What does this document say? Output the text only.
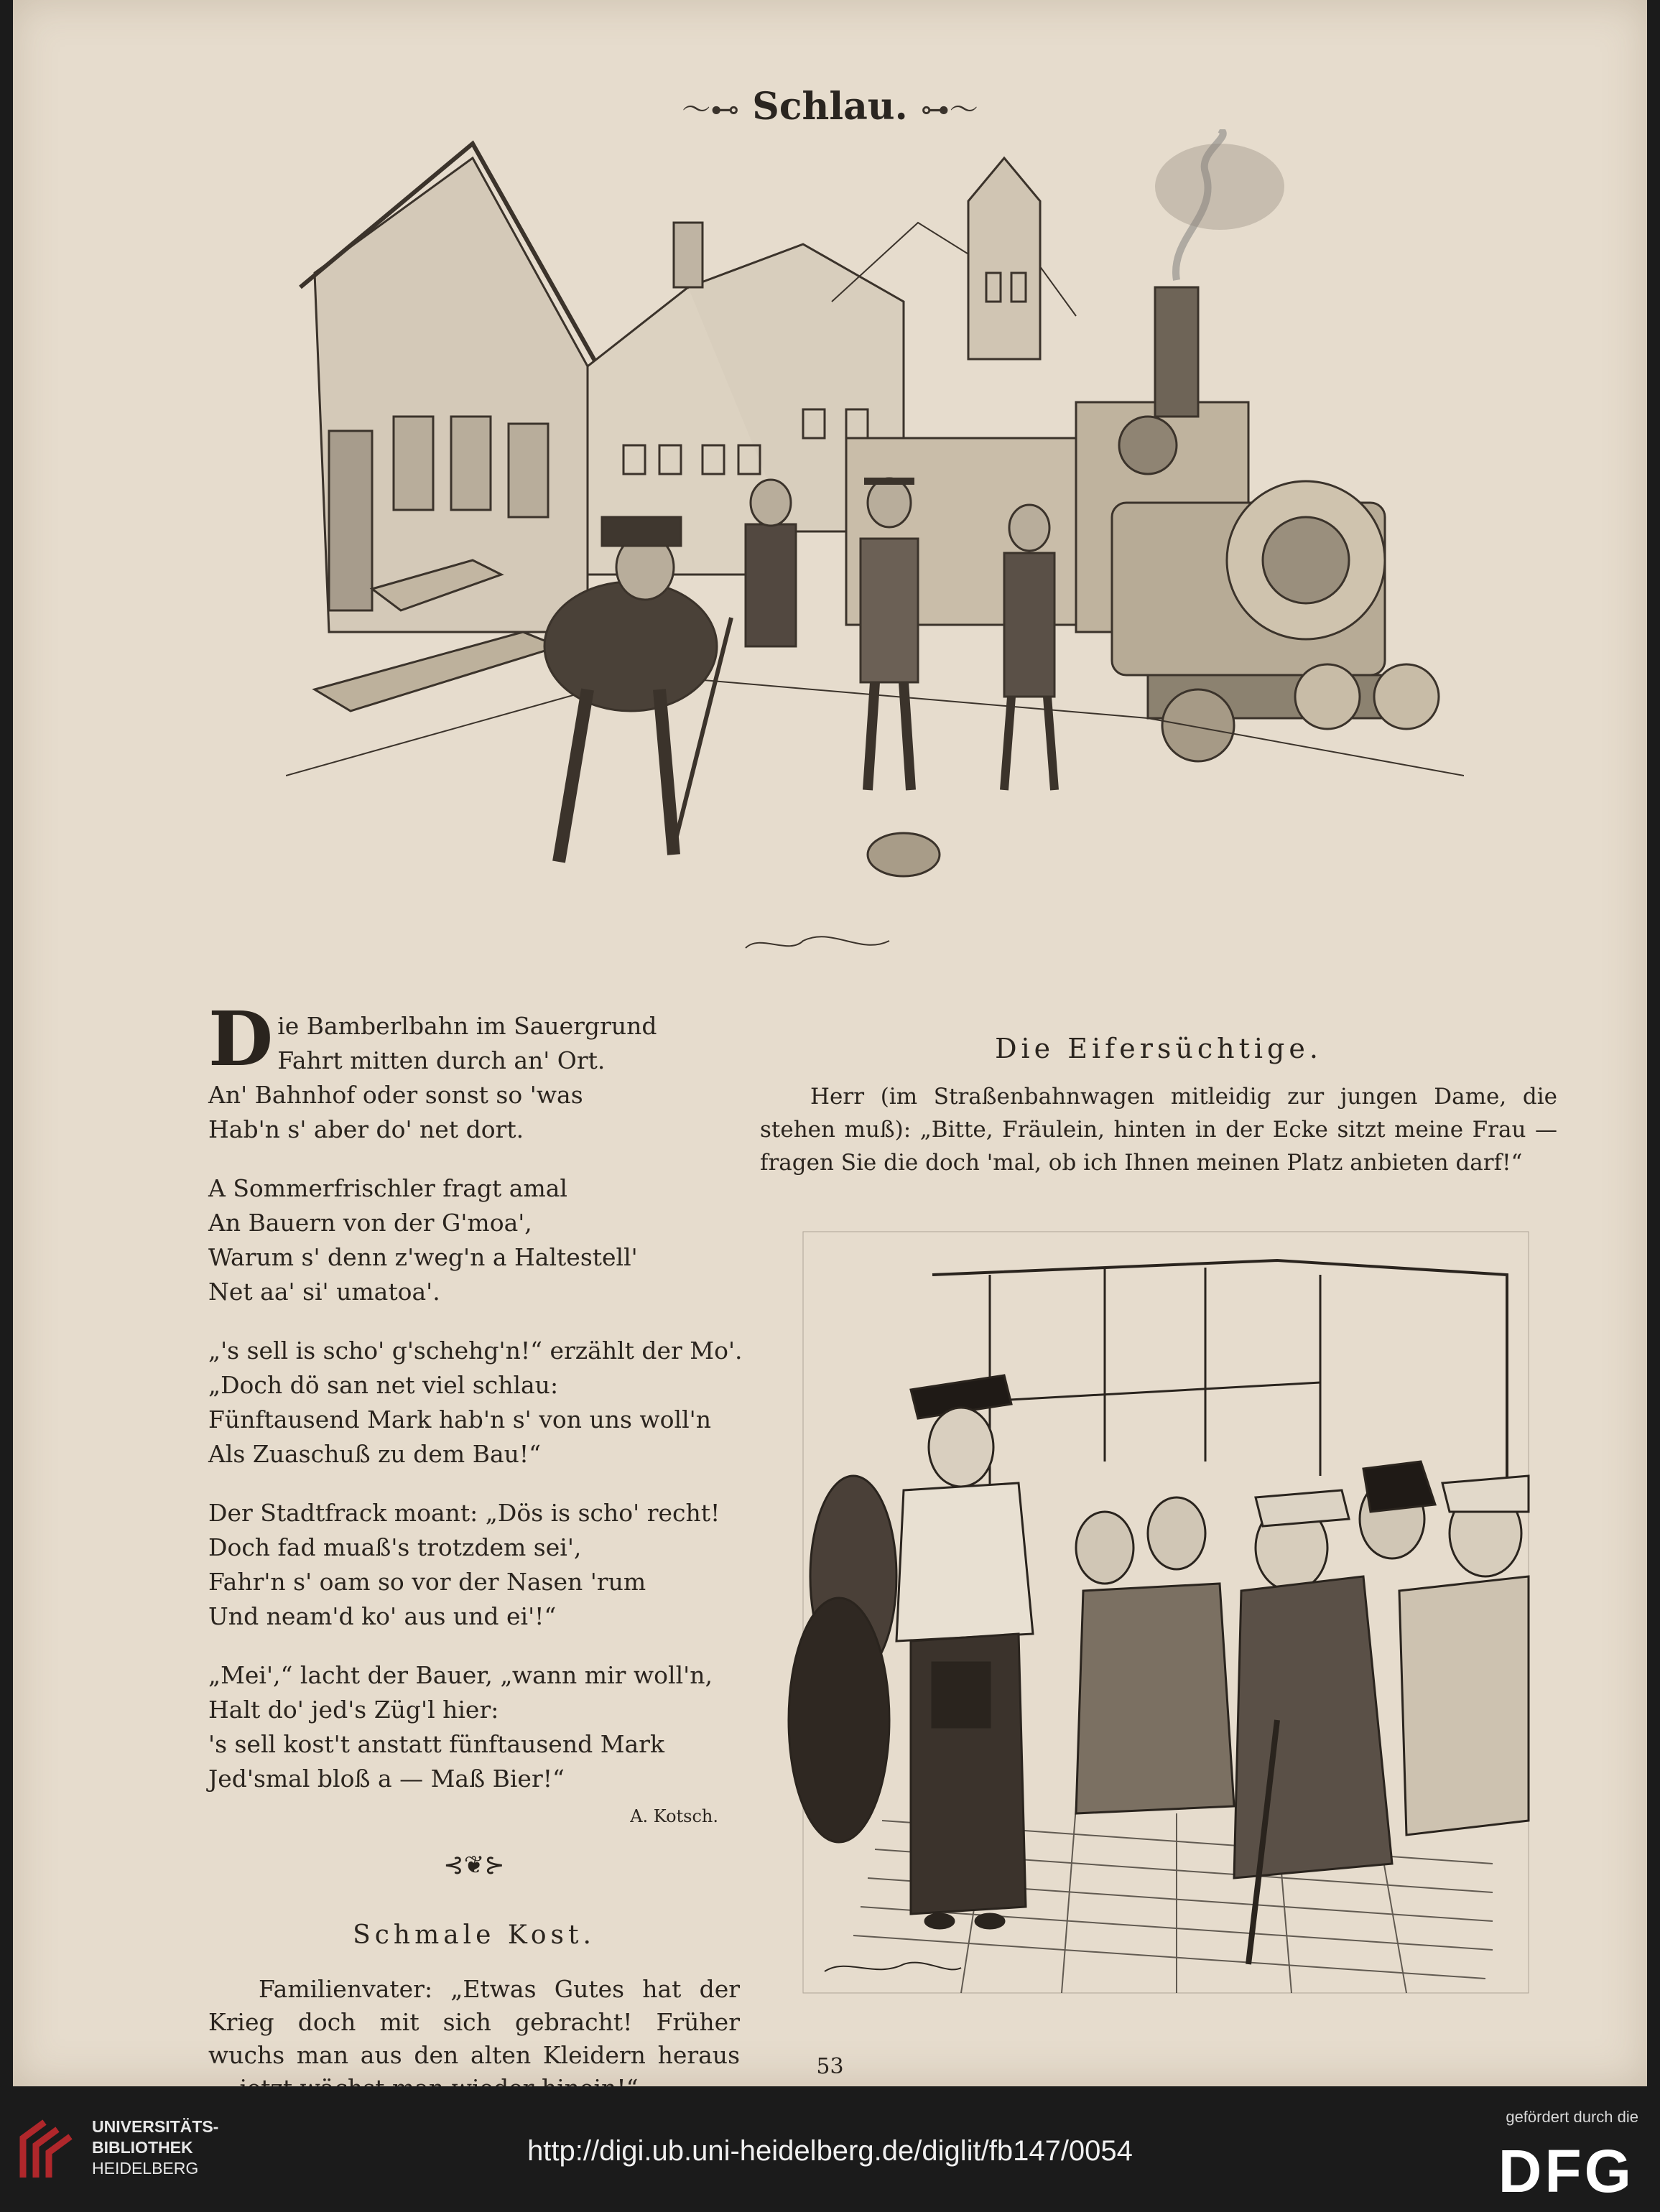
〜⊷ Schlau. ⊶〜
D ie Bamberlbahn im Sauergrund
Fahrt mitten durch an' Ort.
An' Bahnhof oder sonst so 'was
Hab'n s' aber do' net dort.
A Sommerfrischler fragt amal
An Bauern von der G'moa',
Warum s' denn z'weg'n a Haltestell'
Net aa' si' umatoa'.
„'s sell is scho' g'schehg'n!“ erzählt der Mo'.
„Doch dö san net viel schlau:
Fünftausend Mark hab'n s' von uns woll'n
Als Zuaschuß zu dem Bau!“
Der Stadtfrack moant: „Dös is scho' recht!
Doch fad muaß's trotzdem sei',
Fahr'n s' oam so vor der Nasen 'rum
Und neam'd ko' aus und ei'!“
„Mei',“ lacht der Bauer, „wann mir woll'n,
Halt do' jed's Züg'l hier:
's sell kost't anstatt fünftausend Mark
Jed'smal bloß a — Maß Bier!“
A. Kotsch.
⊰❦⊱
Schmale Kost.
Familienvater: „Etwas Gutes hat der Krieg doch mit sich gebracht! Früher wuchs man aus den alten Kleidern heraus
Die Eifersüchtige.
Herr (im Straßenbahnwagen mitleidig zur jungen Dame, die stehen muß): „Bitte, Fräulein, hinten in der Ecke sitzt meine Frau — fragen Sie die doch 'mal, ob ich Ihnen meinen Platz anbieten darf!“
53
UNIVERSITÄTS-
BIBLIOTHEK
HEIDELBERG
http://digi.ub.uni-heidelberg.de/diglit/fb147/0054
gefördert durch die
DFG
